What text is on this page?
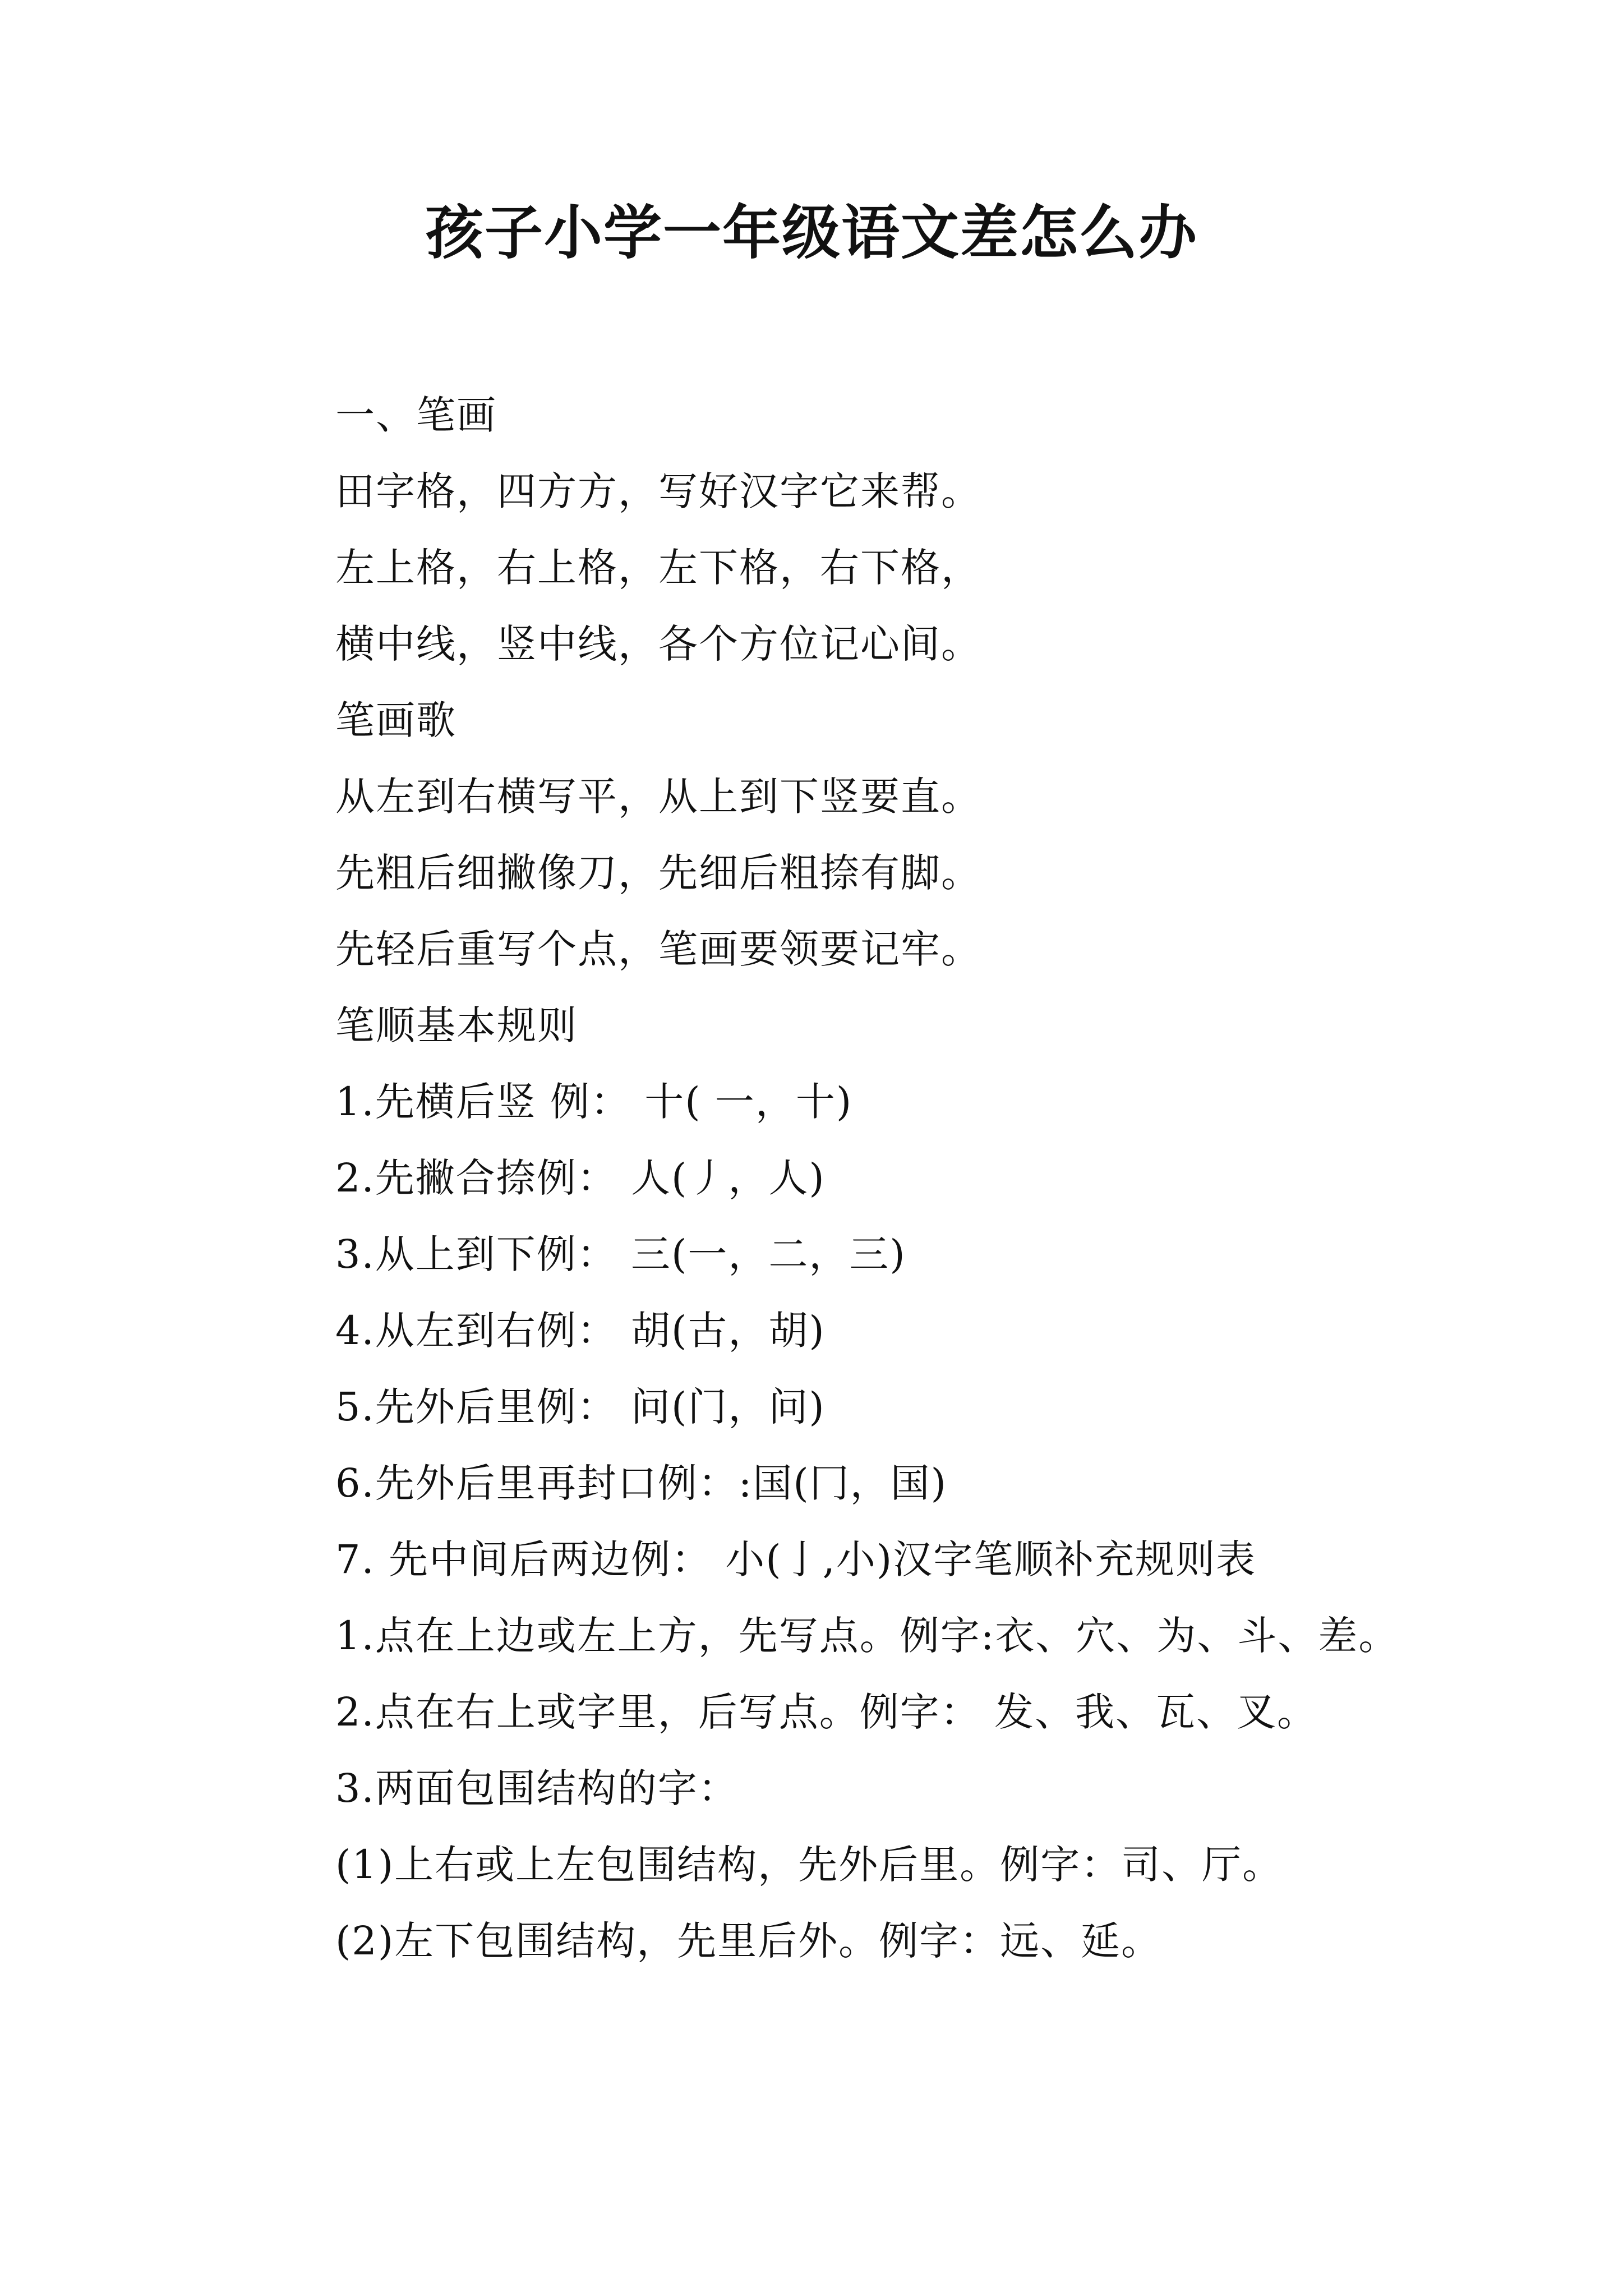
孩子小学一年级语文差怎么办

一、笔画

田字格，四方方，写好汉字它来帮。

左上格，右上格，左下格，右下格，

横中线，竖中线，各个方位记心间。

笔画歌

从左到右横写平，从上到下竖要直。

先粗后细撇像刀，先细后粗捺有脚。

先轻后重写个点，笔画要领要记牢。

笔顺基本规则

1.先横后竖 例： 十( 一，十)

2.先撇合捺例： 人(丿，人)

3.从上到下例： 三(一，二，三)

4.从左到右例： 胡(古，胡)

5.先外后里例： 问(门，问)

6.先外后里再封口例：:国(冂，国)

7. 先中间后两边例： 小(亅,小)汉字笔顺补充规则表

1.点在上边或左上方，先写点。例字:衣、穴、为、斗、差。

2.点在右上或字里，后写点。例字： 发、我、瓦、叉。

3.两面包围结构的字：

(1)上右或上左包围结构，先外后里。例字：司、厅。

(2)左下包围结构，先里后外。例字：远、延。
